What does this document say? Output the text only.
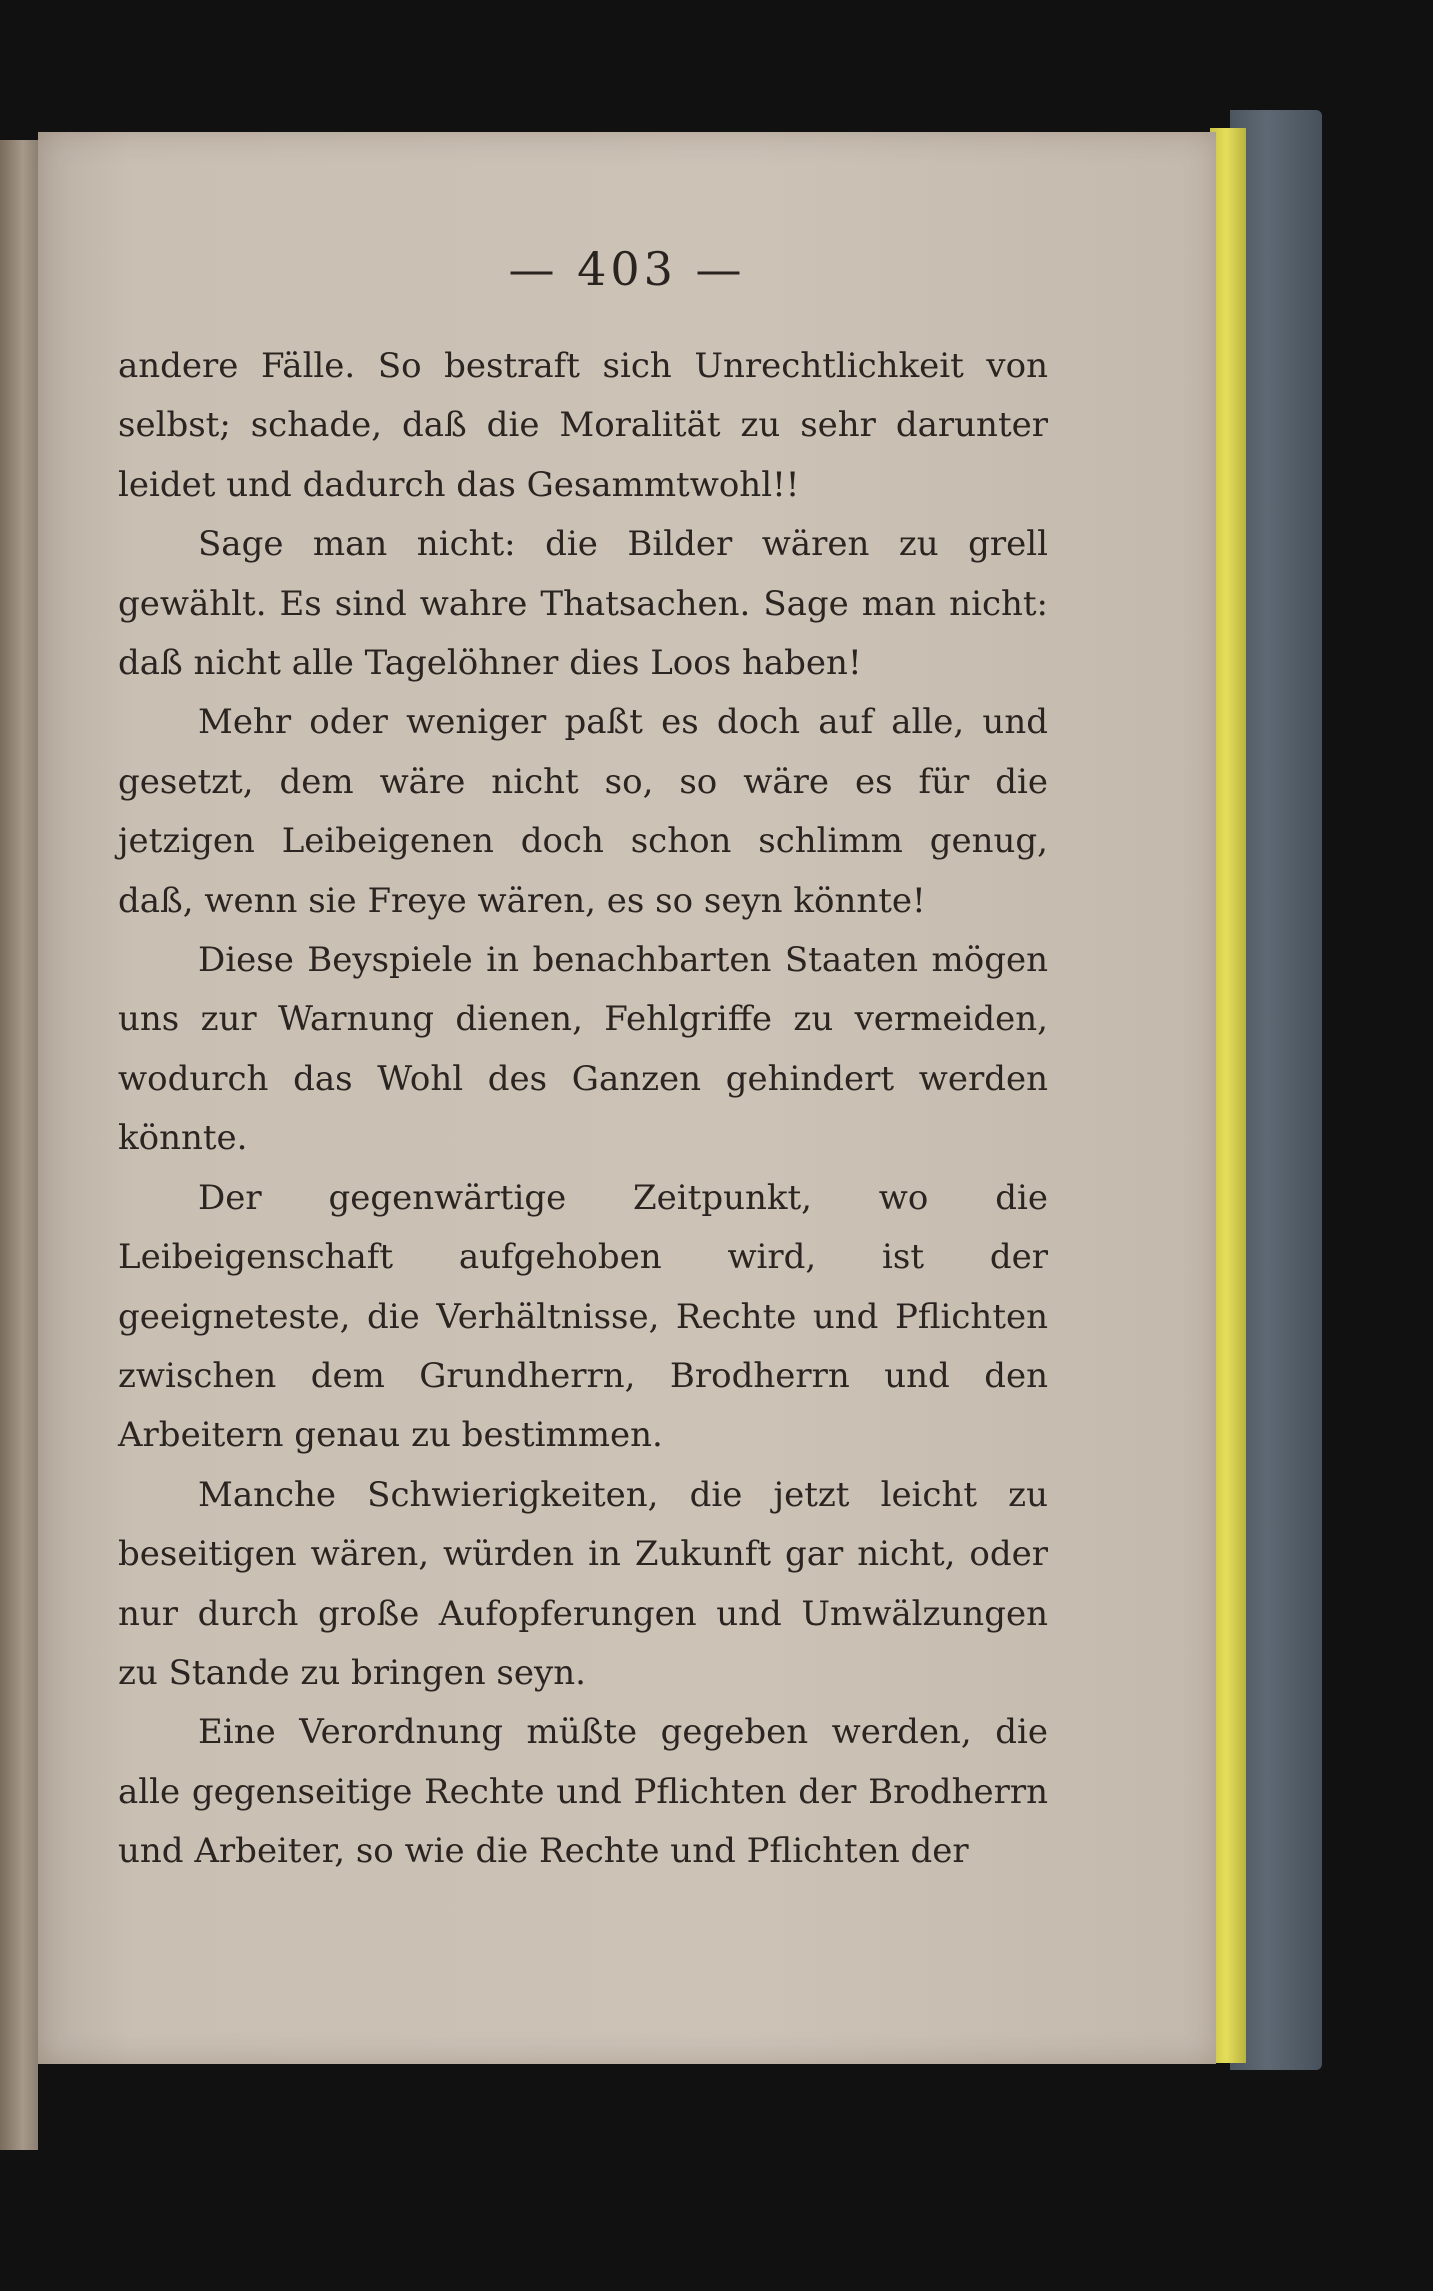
— 403 —

andere Fälle. So bestraft sich Unrechtlichkeit von selbst; schade, daß die Moralität zu sehr darunter leidet und dadurch das Gesammtwohl!!

Sage man nicht: die Bilder wären zu grell gewählt. Es sind wahre Thatsachen. Sage man nicht: daß nicht alle Tagelöhner dies Loos haben!

Mehr oder weniger paßt es doch auf alle, und gesetzt, dem wäre nicht so, so wäre es für die jetzigen Leibeigenen doch schon schlimm genug, daß, wenn sie Freye wären, es so seyn könnte!

Diese Beyspiele in benachbarten Staaten mögen uns zur Warnung dienen, Fehlgriffe zu vermeiden, wodurch das Wohl des Ganzen gehindert werden könnte.

Der gegenwärtige Zeitpunkt, wo die Leibeigenschaft aufgehoben wird, ist der geeigneteste, die Verhältnisse, Rechte und Pflichten zwischen dem Grundherrn, Brodherrn und den Arbeitern genau zu bestimmen.

Manche Schwierigkeiten, die jetzt leicht zu beseitigen wären, würden in Zukunft gar nicht, oder nur durch große Aufopferungen und Umwälzungen zu Stande zu bringen seyn.

Eine Verordnung müßte gegeben werden, die alle gegenseitige Rechte und Pflichten der Brodherrn und Arbeiter, so wie die Rechte und Pflichten der
